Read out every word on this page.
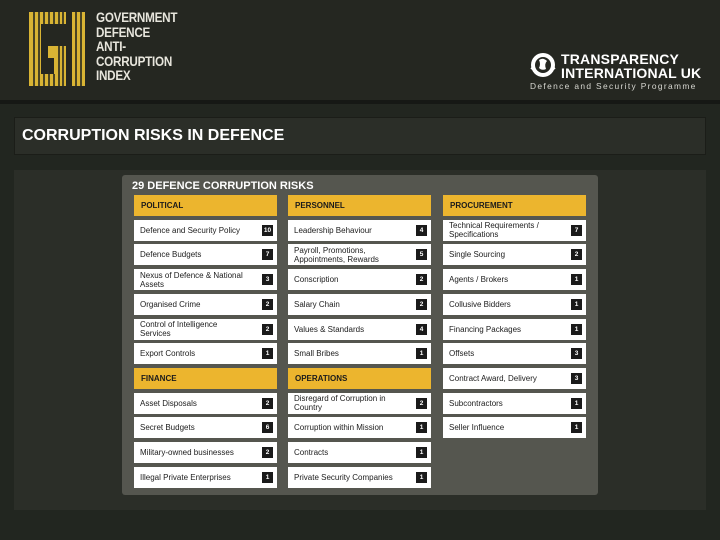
GOVERNMENT
DEFENCE
ANTI-
CORRUPTION
INDEX
TRANSPARENCY
INTERNATIONAL UK
Defence and Security Programme
CORRUPTION RISKS IN DEFENCE
29 DEFENCE CORRUPTION RISKS
POLITICAL
Defence and Security Policy	10
Defence Budgets	7
Nexus of Defence & National Assets	3
Organised Crime	2
Control of Intelligence Services	2
Export Controls	1
FINANCE
Asset Disposals	2
Secret Budgets	6
Military-owned businesses	2
Illegal Private Enterprises	1
PERSONNEL
Leadership Behaviour	4
Payroll, Promotions, Appointments, Rewards	5
Conscription	2
Salary Chain	2
Values & Standards	4
Small Bribes	1
OPERATIONS
Disregard of Corruption in Country	2
Corruption within Mission	1
Contracts	1
Private Security Companies	1
PROCUREMENT
Technical Requirements / Specifications	7
Single Sourcing	2
Agents / Brokers	1
Collusive Bidders	1
Financing Packages	1
Offsets	3
Contract Award, Delivery	3
Subcontractors	1
Seller Influence	1
